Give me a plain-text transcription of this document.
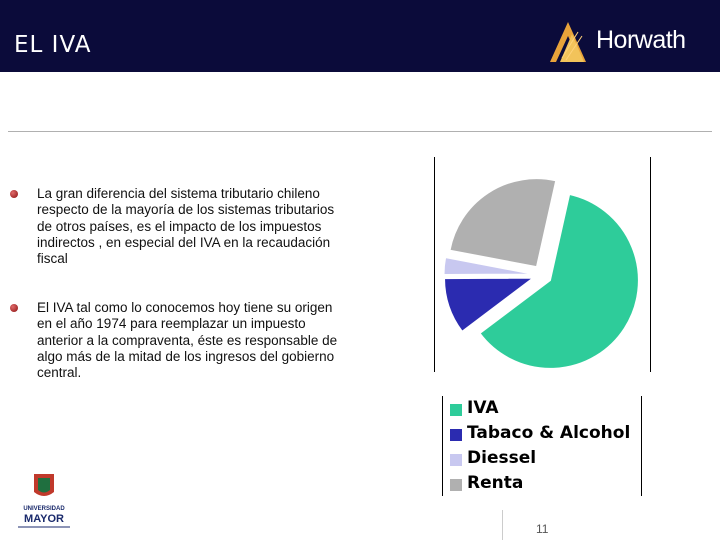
EL IVA	Horwath
La gran diferencia del sistema tributario chileno respecto de la mayoría de los sistemas tributarios de otros países, es el impacto de los impuestos indirectos , en especial del IVA en la recaudación fiscal
El IVA tal como lo conocemos hoy tiene su origen en el año 1974 para reemplazar un impuesto anterior a la compraventa, éste es responsable de algo más de la mitad de los ingresos del gobierno central.
IVA
Tabaco & Alcohol
Diessel
Renta
11
UNIVERSIDAD
MAYOR
